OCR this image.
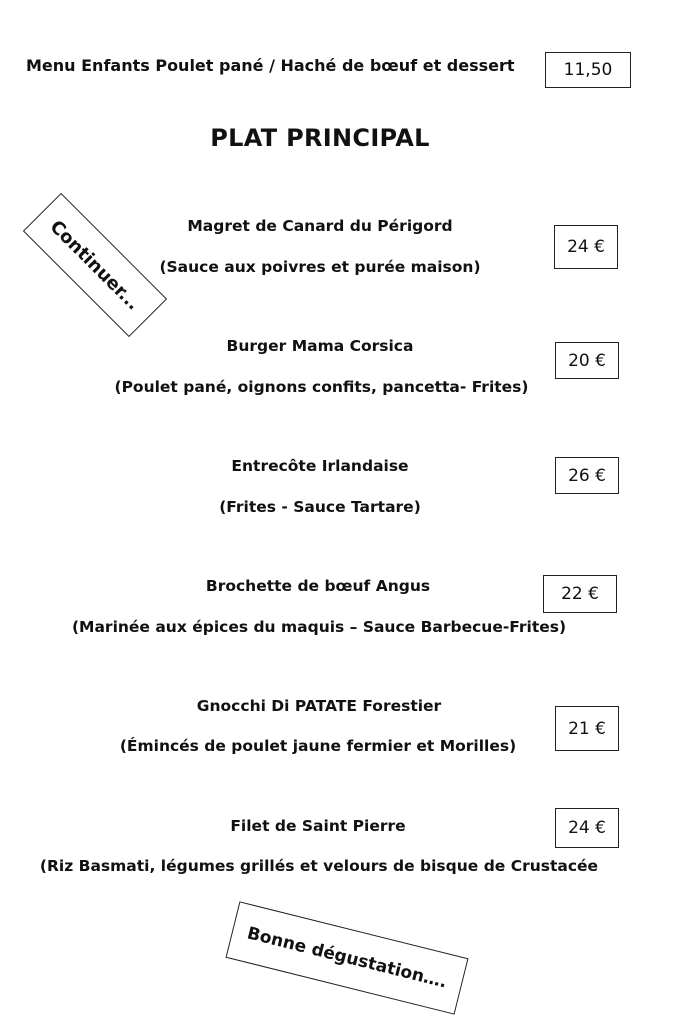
Menu Enfants Poulet pané / Haché de bœuf et dessert	11,50
PLAT PRINCIPAL
Continuer...	Magret de Canard du Périgord
(Sauce aux poivres et purée maison)
24 €
Burger Mama Corsica
(Poulet pané, oignons confits, pancetta- Frites)
20 €
Entrecôte Irlandaise
(Frites - Sauce Tartare)
26 €
Brochette de bœuf Angus
(Marinée aux épices du maquis – Sauce Barbecue-Frites)
22 €
Gnocchi Di PATATE Forestier
(Émincés de poulet jaune fermier et Morilles)
21 €
Filet de Saint Pierre
(Riz Basmati, légumes grillés et velours de bisque de Crustacée
24 €
Bonne dégustation….
